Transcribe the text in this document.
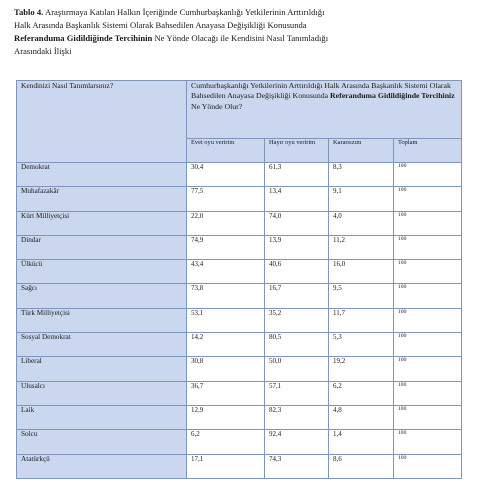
Tablo 4. Araştırmaya Katılan Halkın İçeriğinde Cumhurbaşkanlığı Yetkilerinin Arttırıldığı
Halk Arasında Başkanlık Sistemi Olarak Bahsedilen Anayasa Değişikliği Konusunda
Referanduma Gidildiğinde Tercihinin Ne Yönde Olacağı ile Kendisini Nasıl Tanımladığı
Arasındaki İlişki

Kendinizi Nasıl Tanımlarsınız?	Cumhurbaşkanlığı Yetkilerinin Arttırıldığı Halk Arasında Başkanlık Sistemi Olarak Bahsedilen Anayasa Değişikliği Konusunda Referanduma Gidildiğinde Tercihiniz Ne Yönde Olur?			
	Evet oyu veririm	Hayır oyu veririm	Kararsızım	Toplam
Demokrat	30,4	61,3	8,3	100
Muhafazakâr	77,5	13,4	9,1	100
Kürt Milliyetçisi	22,0	74,0	4,0	100
Dindar	74,9	13,9	11,2	100
Ülkücü	43,4	40,6	16,0	100
Sağcı	73,8	16,7	9,5	100
Türk Milliyetçisi	53,1	35,2	11,7	100
Sosyal Demokrat	14,2	80,5	5,3	100
Liberal	30,8	50,0	19,2	100
Ulusalcı	36,7	57,1	6,2	100
Laik	12,9	82,3	4,8	100
Solcu	6,2	92,4	1,4	100
Atatürkçü	17,1	74,3	8,6	100
